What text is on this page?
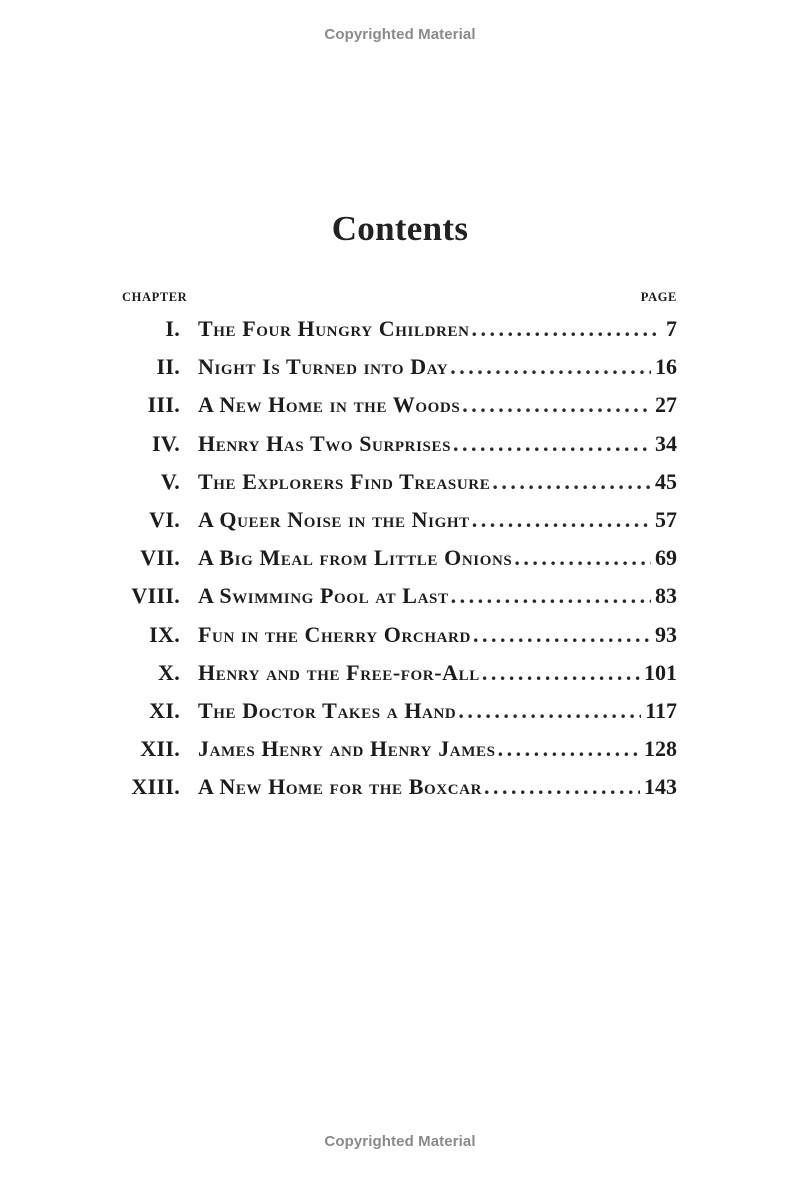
Copyrighted Material
Contents
CHAPTER	PAGE
I. The Four Hungry Children .....	7
II. Night Is Turned into Day .....	16
III. A New Home in the Woods .....	27
IV. Henry Has Two Surprises .....	34
V. The Explorers Find Treasure .....	45
VI. A Queer Noise in the Night .....	57
VII. A Big Meal from Little Onions .....	69
VIII. A Swimming Pool at Last .....	83
IX. Fun in the Cherry Orchard .....	93
X. Henry and the Free-for-All .....	101
XI. The Doctor Takes a Hand .....	117
XII. James Henry and Henry James .....	128
XIII. A New Home for the Boxcar .....	143
Copyrighted Material
